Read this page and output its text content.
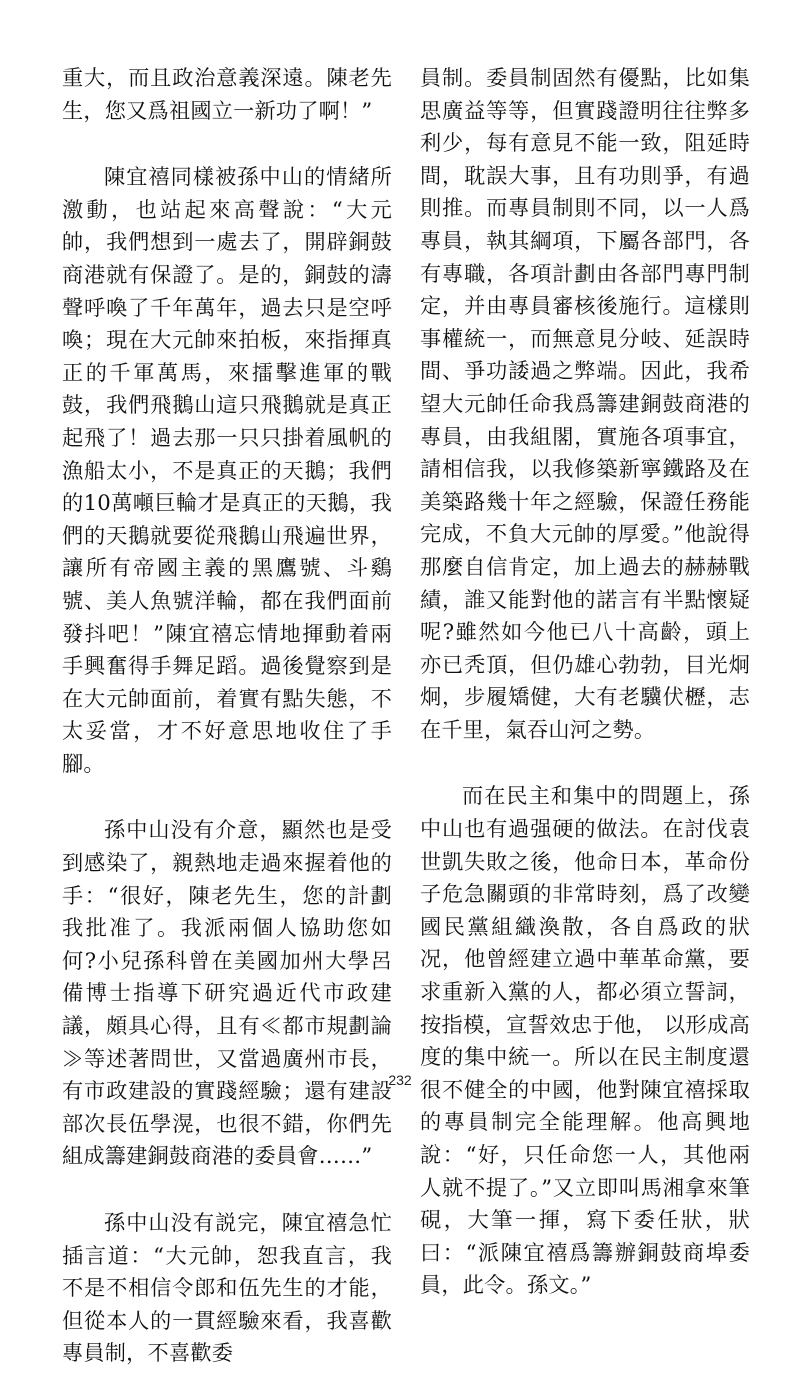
重大，而且政治意義深遠。陳老先生，您又爲祖國立一新功了啊！”

陳宜禧同樣被孫中山的情緒所激動，也站起來高聲說：“大元帥，我們想到一處去了，開辟銅鼓商港就有保證了。是的，銅鼓的濤聲呼喚了千年萬年，過去只是空呼喚；現在大元帥來拍板，來指揮真正的千軍萬馬，來擂擊進軍的戰鼓，我們飛鵝山這只飛鵝就是真正起飛了！過去那一只只掛着風帆的漁船太小，不是真正的天鵝；我們的10萬噸巨輪才是真正的天鵝，我們的天鵝就要從飛鵝山飛遍世界，讓所有帝國主義的黑鷹號、斗鷄號、美人魚號洋輪，都在我們面前發抖吧！”陳宜禧忘情地揮動着兩手興奮得手舞足蹈。過後覺察到是在大元帥面前，着實有點失態，不太妥當，才不好意思地收住了手腳。

孫中山没有介意，顯然也是受到感染了，親熱地走過來握着他的手：“很好，陳老先生，您的計劃我批准了。我派兩個人協助您如何?小兒孫科曾在美國加州大學呂備博士指導下研究過近代市政建議，頗具心得，且有≪都市規劃論≫等述著問世，又當過廣州市長，有市政建設的實踐經驗；還有建設部次長伍學滉，也很不錯，你們先組成籌建銅鼓商港的委員會……”

孫中山没有説完，陳宜禧急忙插言道：“大元帥，恕我直言，我不是不相信令郎和伍先生的才能，但從本人的一貫經驗來看，我喜歡專員制，不喜歡委

員制。委員制固然有優點，比如集思廣益等等，但實踐證明往往弊多利少，每有意見不能一致，阻延時間，耽誤大事，且有功則爭，有過則推。而專員制則不同，以一人爲專員，執其綱項，下屬各部門，各有專職，各項計劃由各部門專門制定，并由專員審核後施行。這樣則事權統一，而無意見分岐、延誤時間、爭功諉過之弊端。因此，我希望大元帥任命我爲籌建銅鼓商港的專員，由我組閣，實施各項事宜，請相信我，以我修築新寧鐵路及在美築路幾十年之經驗，保證任務能完成，不負大元帥的厚愛。”他說得那麼自信肯定，加上過去的赫赫戰績，誰又能對他的諾言有半點懷疑呢?雖然如今他已八十高齡，頭上亦已秃頂，但仍雄心勃勃，目光炯炯，步履矯健，大有老驥伏櫪，志在千里，氣吞山河之勢。

而在民主和集中的問題上，孫中山也有過强硬的做法。在討伐袁世凱失敗之後，他命日本，革命份子危急關頭的非常時刻，爲了改變國民黨組織渙散，各自爲政的狀况，他曾經建立過中華革命黨，要求重新入黨的人，都必須立誓詞，按指模，宣誓效忠于他， 以形成高度的集中統一。所以在民主制度還很不健全的中國，他對陳宜禧採取的專員制完全能理解。他高興地說：“好，只任命您一人，其他兩人就不提了。”又立即叫馬湘拿來筆硯，大筆一揮，寫下委任狀，狀曰：“派陳宜禧爲籌辦銅鼓商埠委員，此令。孫文。”

232
